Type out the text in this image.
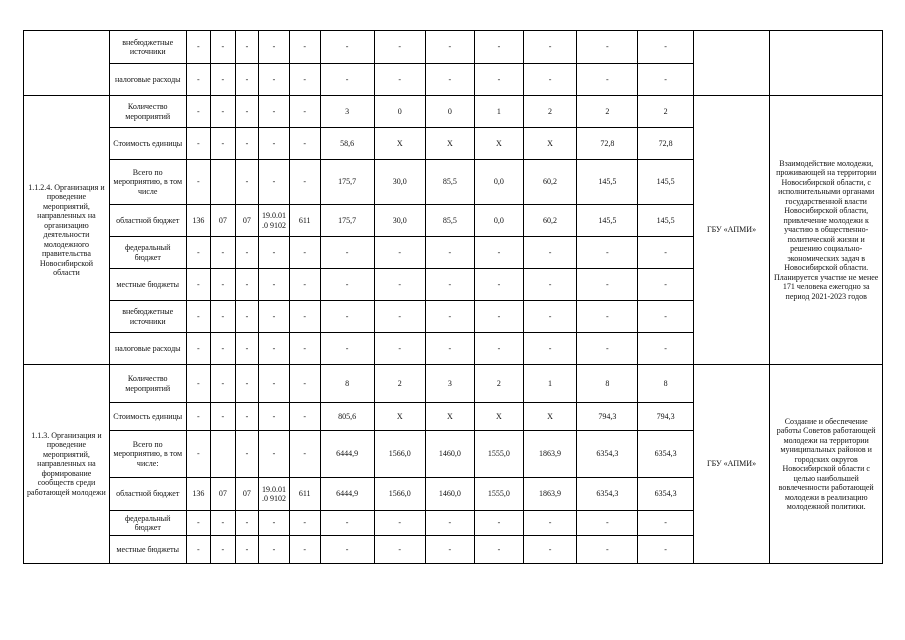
	внебюджетные источники	-	-	-	-	-	-	-	-	-	-	-	-		
	налоговые расходы	-	-	-	-	-	-	-	-	-	-	-	-		
1.1.2.4. Организация и проведение мероприятий, направленных на организацию деятельности молодежного правительства Новосибирской области	Количество мероприятий	-	-	-	-	-	3	0	0	1	2	2	2	ГБУ «АПМИ»	Взаимодействие молодежи, проживающей на территории Новосибирской области, с исполнительными органами государственной власти Новосибирской области, привлечение молодежи к участию в общественно-политической жизни и решению социально-экономических задач в Новосибирской области. Планируется участие не менее 171 человека ежегодно за период 2021-2023 годов
	Стоимость единицы	-	-	-	-	-	58,6	X	X	X	X	72,8	72,8		
	Всего по мероприятию, в том числе	-		-	-	-	175,7	30,0	85,5	0,0	60,2	145,5	145,5		
	областной бюджет	136	07	07	19.0.01.0 9102	611	175,7	30,0	85,5	0,0	60,2	145,5	145,5		
	федеральный бюджет	-	-	-	-	-	-	-	-	-	-	-	-		
	местные бюджеты	-	-	-	-	-	-	-	-	-	-	-	-		
	внебюджетные источники	-	-	-	-	-	-	-	-	-	-	-	-		
	налоговые расходы	-	-	-	-	-	-	-	-	-	-	-	-		
1.1.3. Организация и проведение мероприятий, направленных на формирование сообществ среди работающей молодежи	Количество мероприятий	-	-	-	-	-	8	2	3	2	1	8	8	ГБУ «АПМИ»	Создание и обеспечение работы Советов работающей молодежи на территории муниципальных районов и городских округов Новосибирской области с целью наибольшей вовлеченности работающей молодежи в реализацию молодежной политики.
	Стоимость единицы	-	-	-	-	-	805,6	X	X	X	X	794,3	794,3		
	Всего по мероприятию, в том числе:	-		-	-	-	6444,9	1566,0	1460,0	1555,0	1863,9	6354,3	6354,3		
	областной бюджет	136	07	07	19.0.01.0 9102	611	6444,9	1566,0	1460,0	1555,0	1863,9	6354,3	6354,3		
	федеральный бюджет	-	-	-	-	-	-	-	-	-	-	-	-		
	местные бюджеты	-	-	-	-	-	-	-	-	-	-	-	-		
